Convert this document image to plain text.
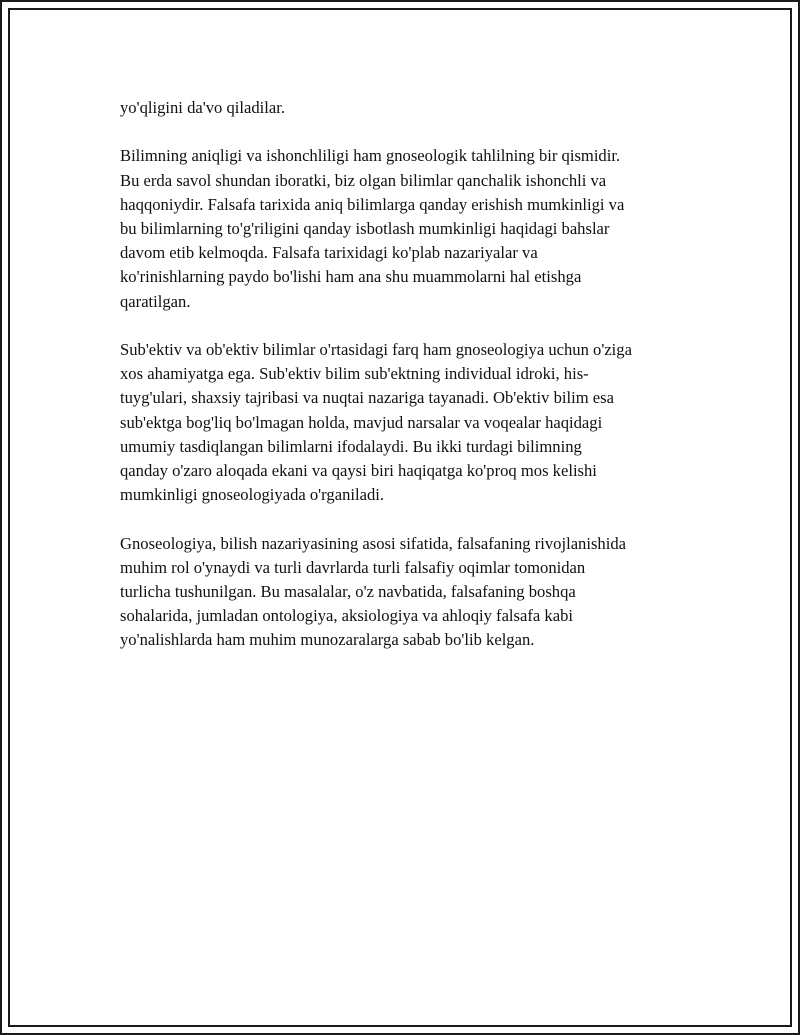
yo'qligini da'vo qiladilar.
Bilimning aniqligi va ishonchliligi ham gnoseologik tahlilning bir qismidir.
Bu erda savol shundan iboratki, biz olgan bilimlar qanchalik ishonchli va
haqqoniydir. Falsafa tarixida aniq bilimlarga qanday erishish mumkinligi va
bu bilimlarning to'g'riligini qanday isbotlash mumkinligi haqidagi bahslar
davom etib kelmoqda. Falsafa tarixidagi ko'plab nazariyalar va
ko'rinishlarning paydo bo'lishi ham ana shu muammolarni hal etishga
qaratilgan.
Sub'ektiv va ob'ektiv bilimlar o'rtasidagi farq ham gnoseologiya uchun o'ziga
xos ahamiyatga ega. Sub'ektiv bilim sub'ektning individual idroki, his-
tuyg'ulari, shaxsiy tajribasi va nuqtai nazariga tayanadi. Ob'ektiv bilim esa
sub'ektga bog'liq bo'lmagan holda, mavjud narsalar va voqealar haqidagi
umumiy tasdiqlangan bilimlarni ifodalaydi. Bu ikki turdagi bilimning
qanday o'zaro aloqada ekani va qaysi biri haqiqatga ko'proq mos kelishi
mumkinligi gnoseologiyada o'rganiladi.
Gnoseologiya, bilish nazariyasining asosi sifatida, falsafaning rivojlanishida
muhim rol o'ynaydi va turli davrlarda turli falsafiy oqimlar tomonidan
turlicha tushunilgan. Bu masalalar, o'z navbatida, falsafaning boshqa
sohalarida, jumladan ontologiya, aksiologiya va ahloqiy falsafa kabi
yo'nalishlarda ham muhim munozaralarga sabab bo'lib kelgan.
